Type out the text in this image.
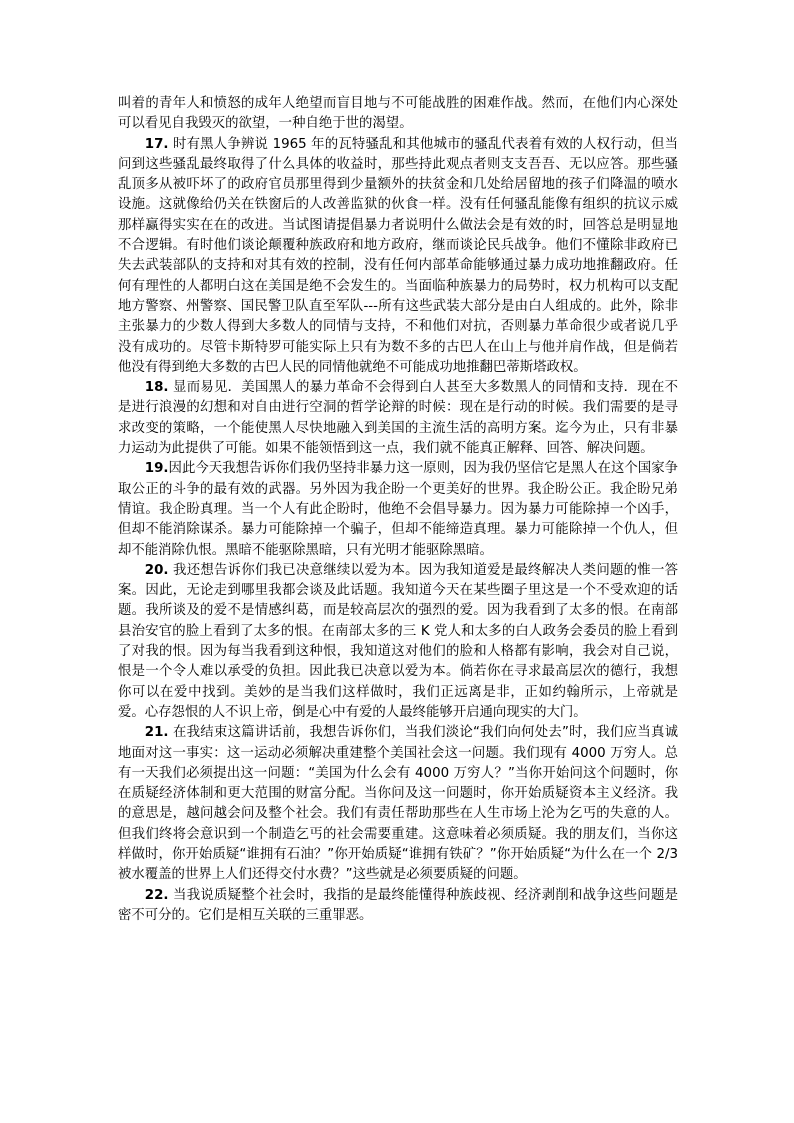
叫着的青年人和愤怒的成年人绝望而盲目地与不可能战胜的困难作战。然而，在他们内心深处可以看见自我毁灭的欲望，一种自绝于世的渴望。

17. 时有黑人争辨说 1965 年的瓦特骚乱和其他城市的骚乱代表着有效的人权行动，但当问到这些骚乱最终取得了什么具体的收益时，那些持此观点者则支支吾吾、无以应答。那些骚乱顶多从被吓坏了的政府官员那里得到少量额外的扶贫金和几处给居留地的孩子们降温的喷水设施。这就像给仍关在铁窗后的人改善监狱的伙食一样。没有任何骚乱能像有组织的抗议示威那样赢得实实在在的改进。当试图请提倡暴力者说明什么做法会是有效的时，回答总是明显地不合逻辑。有时他们谈论颠覆种族政府和地方政府，继而谈论民兵战争。他们不懂除非政府已失去武装部队的支持和对其有效的控制，没有任何内部革命能够通过暴力成功地推翻政府。任何有理性的人都明白这在美国是绝不会发生的。当面临种族暴力的局势时，权力机构可以支配地方警察、州警察、国民警卫队直至军队---所有这些武装大部分是由白人组成的。此外，除非主张暴力的少数人得到大多数人的同情与支持，不和他们对抗，否则暴力革命很少或者说几乎没有成功的。尽管卡斯特罗可能实际上只有为数不多的古巴人在山上与他并肩作战，但是倘若他没有得到绝大多数的古巴人民的同情他就绝不可能成功地推翻巴蒂斯塔政权。

18. 显而易见．美国黑人的暴力革命不会得到白人甚至大多数黑人的同情和支持．现在不是进行浪漫的幻想和对自由进行空洞的哲学论辩的时候：现在是行动的时候。我们需要的是寻求改变的策略，一个能使黑人尽快地融入到美国的主流生活的高明方案。迄今为止，只有非暴力运动为此提供了可能。如果不能领悟到这一点，我们就不能真正解释、回答、解决问题。

19.因此今天我想告诉你们我仍坚持非暴力这一原则，因为我仍坚信它是黑人在这个国家争取公正的斗争的最有效的武器。另外因为我企盼一个更美好的世界。我企盼公正。我企盼兄弟情谊。我企盼真理。当一个人有此企盼时，他绝不会倡导暴力。因为暴力可能除掉一个凶手，但却不能消除谋杀。暴力可能除掉一个骗子，但却不能缔造真理。暴力可能除掉一个仇人，但却不能消除仇恨。黑暗不能驱除黑暗，只有光明才能驱除黑暗。

20. 我还想告诉你们我已决意继续以爱为本。因为我知道爱是最终解决人类问题的惟一答案。因此，无论走到哪里我都会谈及此话题。我知道今天在某些圈子里这是一个不受欢迎的话题。我所谈及的爱不是情感纠葛，而是较高层次的强烈的爱。因为我看到了太多的恨。在南部县治安官的脸上看到了太多的恨。在南部太多的三 K 党人和太多的白人政务会委员的脸上看到了对我的恨。因为每当我看到这种恨，我知道这对他们的脸和人格都有影响，我会对自己说，恨是一个令人难以承受的负担。因此我已决意以爱为本。倘若你在寻求最高层次的德行，我想你可以在爱中找到。美妙的是当我们这样做时，我们正远离是非，正如约翰所示，上帝就是爱。心存怨恨的人不识上帝，倒是心中有爱的人最终能够开启通向现实的大门。

21. 在我结束这篇讲话前，我想告诉你们，当我们淡论“我们向何处去”时，我们应当真诚地面对这一事实：这一运动必须解决重建整个美国社会这一问题。我们现有 4000 万穷人。总有一天我们必须提出这一问题：“美国为什么会有 4000 万穷人？”当你开始问这个问题时，你在质疑经济体制和更大范围的财富分配。当你问及这一问题时，你开始质疑资本主义经济。我的意思是，越问越会问及整个社会。我们有责任帮助那些在人生市场上沦为乞丐的失意的人。但我们终将会意识到一个制造乞丐的社会需要重建。这意味着必须质疑。我的朋友们，当你这样做时，你开始质疑“谁拥有石油？”你开始质疑“谁拥有铁矿？”你开始质疑“为什么在一个 2/3 被水覆盖的世界上人们还得交付水费？”这些就是必须要质疑的问题。

22. 当我说质疑整个社会时，我指的是最终能懂得种族歧视、经济剥削和战争这些问题是密不可分的。它们是相互关联的三重罪恶。
